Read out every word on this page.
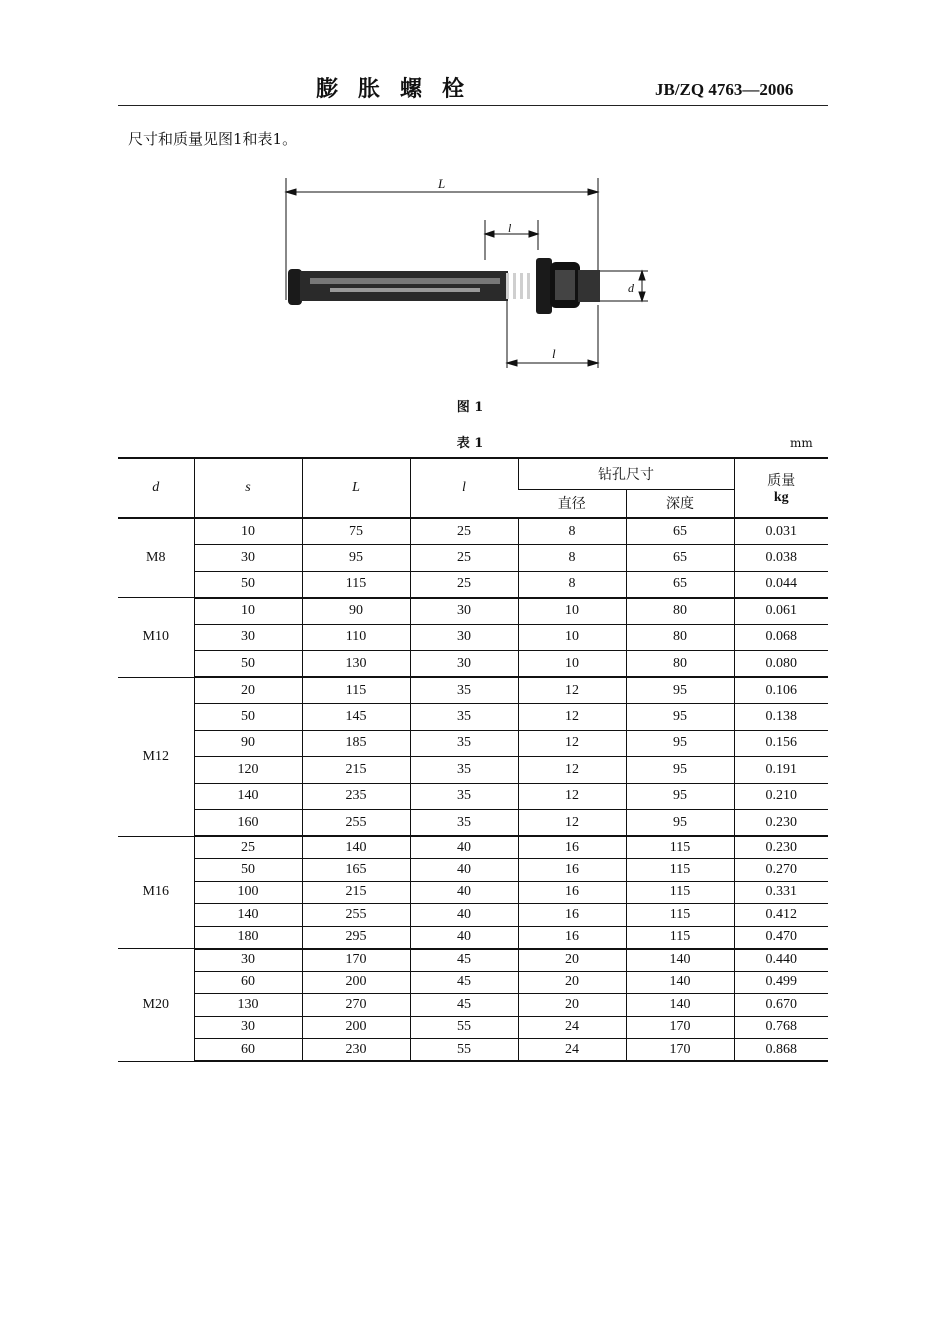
膨胀螺栓	JB/ZQ 4763—2006
尺寸和质量见图1和表1。
L
l
d
l
图 1
表 1	mm
d	s	L	l	钻孔尺寸		质量
kg

				直径	深度	
M8	10	75	25	8	65	0.031
	30	95	25	8	65	0.038
	50	115	25	8	65	0.044
M10	10	90	30	10	80	0.061
	30	110	30	10	80	0.068
	50	130	30	10	80	0.080
M12	20	115	35	12	95	0.106
	50	145	35	12	95	0.138
	90	185	35	12	95	0.156
	120	215	35	12	95	0.191
	140	235	35	12	95	0.210
	160	255	35	12	95	0.230
M16	25	140	40	16	115	0.230
	50	165	40	16	115	0.270
	100	215	40	16	115	0.331
	140	255	40	16	115	0.412
	180	295	40	16	115	0.470
M20	30	170	45	20	140	0.440
	60	200	45	20	140	0.499
	130	270	45	20	140	0.670
	30	200	55	24	170	0.768
	60	230	55	24	170	0.868
